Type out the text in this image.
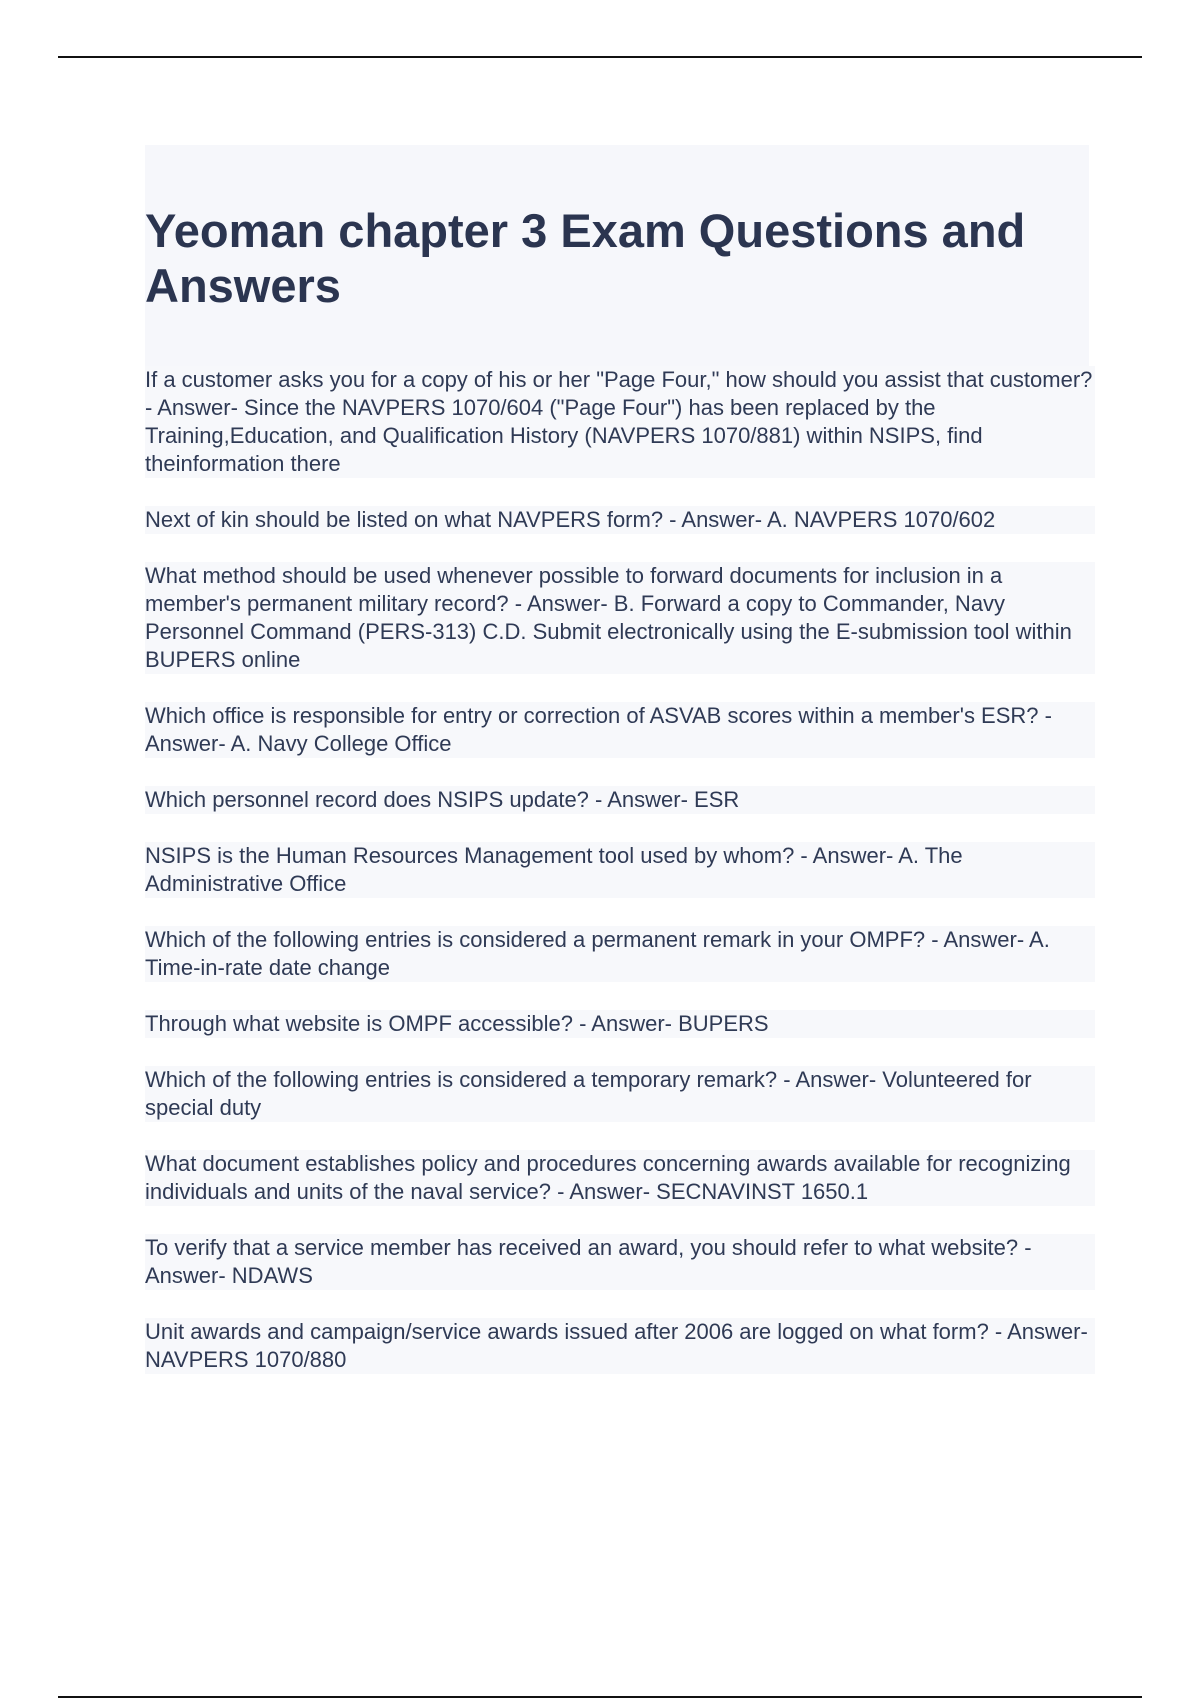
Yeoman chapter 3 Exam Questions and Answers

If a customer asks you for a copy of his or her "Page Four," how should you assist that customer? - Answer- Since the NAVPERS 1070/604 ("Page Four") has been replaced by the Training,Education, and Qualification History (NAVPERS 1070/881) within NSIPS, find theinformation there

Next of kin should be listed on what NAVPERS form? - Answer- A. NAVPERS 1070/602

What method should be used whenever possible to forward documents for inclusion in a member's permanent military record? - Answer- B. Forward a copy to Commander, Navy Personnel Command (PERS-313) C.D. Submit electronically using the E-submission tool within BUPERS online

Which office is responsible for entry or correction of ASVAB scores within a member's ESR? - Answer- A. Navy College Office

Which personnel record does NSIPS update? - Answer- ESR

NSIPS is the Human Resources Management tool used by whom? - Answer- A. The Administrative Office

Which of the following entries is considered a permanent remark in your OMPF? - Answer- A. Time-in-rate date change

Through what website is OMPF accessible? - Answer- BUPERS

Which of the following entries is considered a temporary remark? - Answer- Volunteered for special duty

What document establishes policy and procedures concerning awards available for recognizing individuals and units of the naval service? - Answer- SECNAVINST 1650.1

To verify that a service member has received an award, you should refer to what website? - Answer- NDAWS

Unit awards and campaign/service awards issued after 2006 are logged on what form? - Answer- NAVPERS 1070/880
